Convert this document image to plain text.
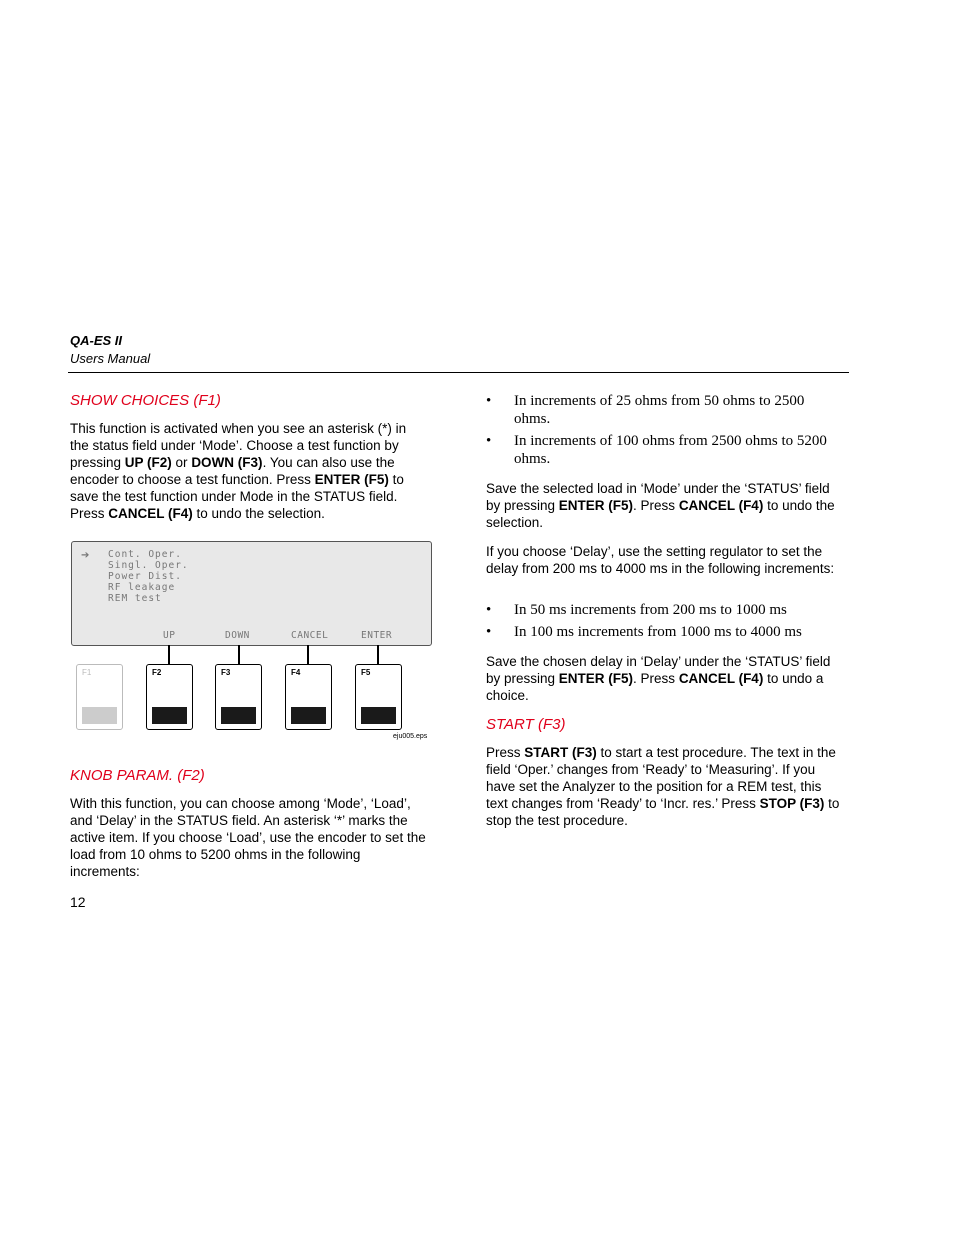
QA-ES II
Users Manual
SHOW CHOICES (F1)
This function is activated when you see an asterisk (*) in the status field under ‘Mode’. Choose a test function by pressing UP (F2) or DOWN (F3). You can also use the encoder to choose a test function. Press ENTER (F5) to save the test function under Mode in the STATUS field. Press CANCEL (F4) to undo the selection.
➔ Cont. Oper.
Singl. Oper.
Power Dist.
RF leakage
REM test
UP	DOWN	CANCEL	ENTER
F1	F2	F3	F4	F5
eju005.eps
KNOB PARAM. (F2)
With this function, you can choose among ‘Mode’, ‘Load’, and ‘Delay’ in the STATUS field. An asterisk ‘*’ marks the active item. If you choose ‘Load’, use the encoder to set the load from 10 ohms to 5200 ohms in the following increments:
12
• In increments of 25 ohms from 50 ohms to 2500 ohms.
• In increments of 100 ohms from 2500 ohms to 5200 ohms.
Save the selected load in ‘Mode’ under the ‘STATUS’ field by pressing ENTER (F5). Press CANCEL (F4) to undo the selection.
If you choose ‘Delay’, use the setting regulator to set the delay from 200 ms to 4000 ms in the following increments:
• In 50 ms increments from 200 ms to 1000 ms
• In 100 ms increments from 1000 ms to 4000 ms
Save the chosen delay in ‘Delay’ under the ‘STATUS’ field by pressing ENTER (F5). Press CANCEL (F4) to undo a choice.
START (F3)
Press START (F3) to start a test procedure. The text in the field ‘Oper.’ changes from ‘Ready’ to ‘Measuring’. If you have set the Analyzer to the position for a REM test, this text changes from ‘Ready’ to ‘Incr. res.’ Press STOP (F3) to stop the test procedure.
